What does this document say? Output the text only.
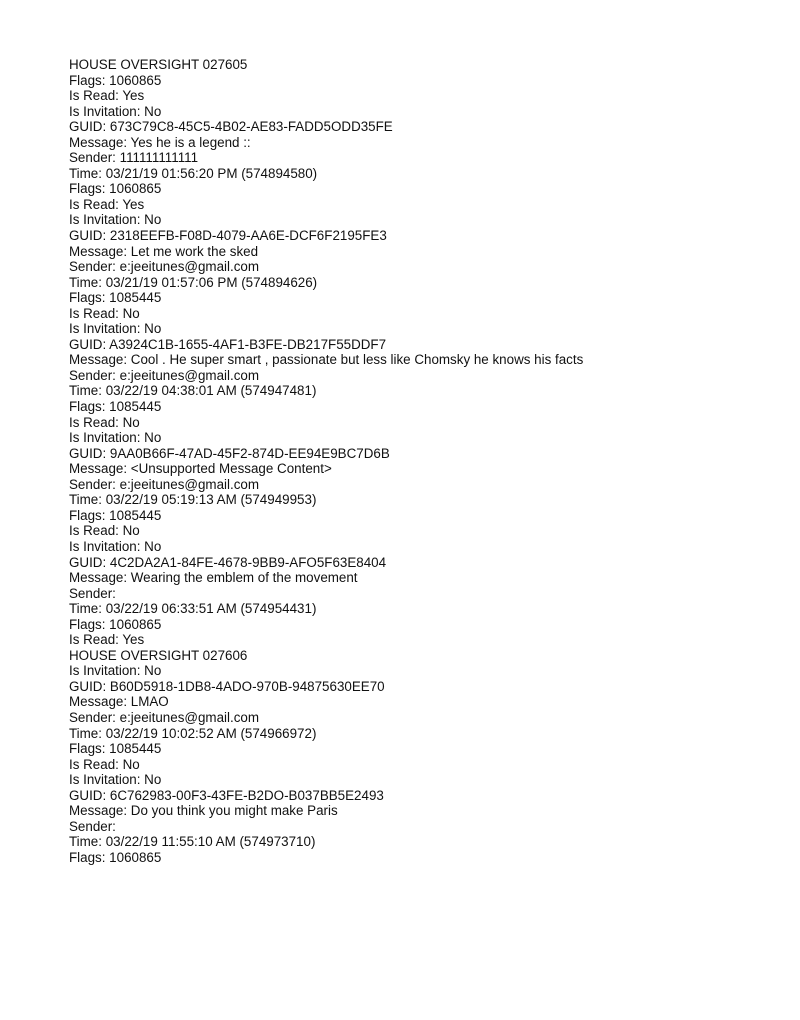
HOUSE OVERSIGHT 027605
Flags: 1060865
Is Read: Yes
Is Invitation: No
GUID: 673C79C8-45C5-4B02-AE83-FADD5ODD35FE
Message: Yes he is a legend ::
Sender: 111111111111
Time: 03/21/19 01:56:20 PM (574894580)
Flags: 1060865
Is Read: Yes
Is Invitation: No
GUID: 2318EEFB-F08D-4079-AA6E-DCF6F2195FE3
Message: Let me work the sked
Sender: e:jeeitunes@gmail.com
Time: 03/21/19 01:57:06 PM (574894626)
Flags: 1085445
Is Read: No
Is Invitation: No
GUID: A3924C1B-1655-4AF1-B3FE-DB217F55DDF7
Message: Cool . He super smart , passionate but less like Chomsky he knows his facts
Sender: e:jeeitunes@gmail.com
Time: 03/22/19 04:38:01 AM (574947481)
Flags: 1085445
Is Read: No
Is Invitation: No
GUID: 9AA0B66F-47AD-45F2-874D-EE94E9BC7D6B
Message: <Unsupported Message Content>
Sender: e:jeeitunes@gmail.com
Time: 03/22/19 05:19:13 AM (574949953)
Flags: 1085445
Is Read: No
Is Invitation: No
GUID: 4C2DA2A1-84FE-4678-9BB9-AFO5F63E8404
Message: Wearing the emblem of the movement
Sender:
Time: 03/22/19 06:33:51 AM (574954431)
Flags: 1060865
Is Read: Yes
HOUSE OVERSIGHT 027606
Is Invitation: No
GUID: B60D5918-1DB8-4ADO-970B-94875630EE70
Message: LMAO
Sender: e:jeeitunes@gmail.com
Time: 03/22/19 10:02:52 AM (574966972)
Flags: 1085445
Is Read: No
Is Invitation: No
GUID: 6C762983-00F3-43FE-B2DO-B037BB5E2493
Message: Do you think you might make Paris
Sender:
Time: 03/22/19 11:55:10 AM (574973710)
Flags: 1060865
